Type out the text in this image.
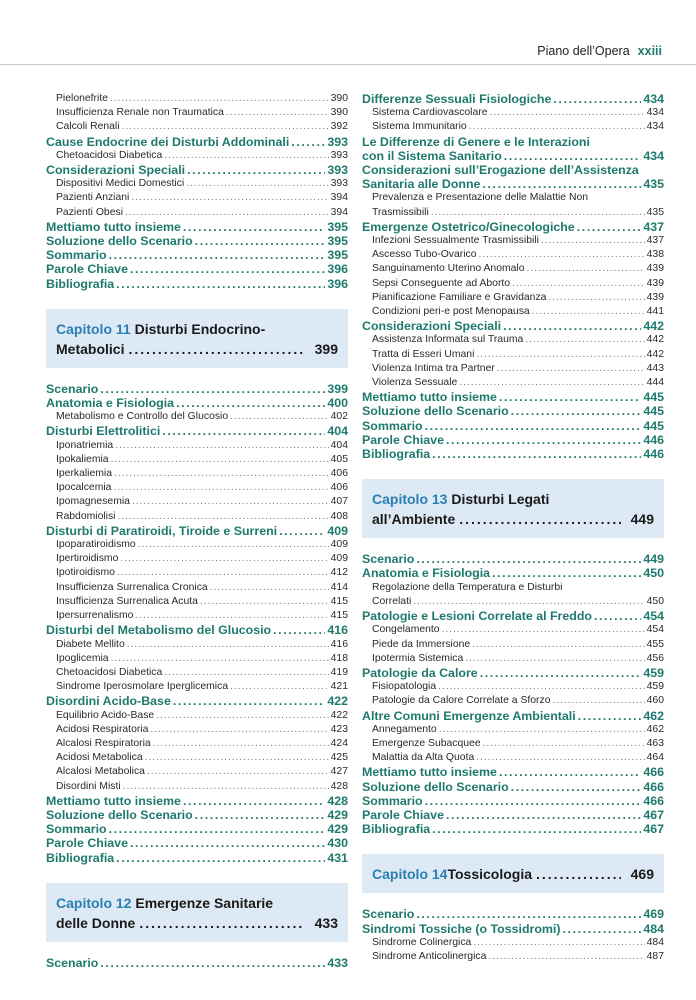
Piano dell’Opera xxiii
Pielonefrite .....	390
Insufficienza Renale non Traumatica .....	390
Calcoli Renali .....	392
Cause Endocrine dei Disturbi Addominali .....	393
Chetoacidosi Diabetica .....	393
Considerazioni Speciali .....	393
Dispositivi Medici Domestici .....	393
Pazienti Anziani .....	394
Pazienti Obesi .....	394
Mettiamo tutto insieme .....	395
Soluzione dello Scenario .....	395
Sommario .....	395
Parole Chiave .....	396
Bibliografia .....	396
Capitolo 11 Disturbi Endocrino-
Metabolici .....	399
Scenario .....	399
Anatomia e Fisiologia .....	400
Metabolismo e Controllo del Glucosio .....	402
Disturbi Elettrolitici .....	404
Iponatriemia .....	404
Ipokaliemia .....	405
Iperkaliemia .....	406
Ipocalcemia .....	406
Ipomagnesemia .....	407
Rabdomiolisi .....	408
Disturbi di Paratiroidi, Tiroide e Surreni .....	409
Ipoparatiroidismo .....	409
Ipertiroidismo .....	409
Ipotiroidismo .....	412
Insufficienza Surrenalica Cronica .....	414
Insufficienza Surrenalica Acuta .....	415
Ipersurrenalismo .....	415
Disturbi del Metabolismo del Glucosio .....	416
Diabete Mellito .....	416
Ipoglicemia .....	418
Chetoacidosi Diabetica .....	419
Sindrome Iperosmolare Iperglicemica .....	421
Disordini Acido-Base .....	422
Equilibrio Acido-Base .....	422
Acidosi Respiratoria .....	423
Alcalosi Respiratoria .....	424
Acidosi Metabolica .....	425
Alcalosi Metabolica .....	427
Disordini Misti .....	428
Mettiamo tutto insieme .....	428
Soluzione dello Scenario .....	429
Sommario .....	429
Parole Chiave .....	430
Bibliografia .....	431
Capitolo 12 Emergenze Sanitarie
delle Donne .....	433
Scenario .....	433
Differenze Sessuali Fisiologiche .....	434
Sistema Cardiovascolare .....	434
Sistema Immunitario .....	434
Le Differenze di Genere e le Interazioni
con il Sistema Sanitario .....	434
Considerazioni sull’Erogazione dell’Assistenza
Sanitaria alle Donne .....	435
Prevalenza e Presentazione delle Malattie Non
Trasmissibili .....	435
Emergenze Ostetrico/Ginecologiche .....	437
Infezioni Sessualmente Trasmissibili .....	437
Ascesso Tubo-Ovarico .....	438
Sanguinamento Uterino Anomalo .....	439
Sepsi Conseguente ad Aborto .....	439
Pianificazione Familiare e Gravidanza .....	439
Condizioni peri-e post Menopausa .....	441
Considerazioni Speciali .....	442
Assistenza Informata sul Trauma .....	442
Tratta di Esseri Umani .....	442
Violenza Intima tra Partner .....	443
Violenza Sessuale .....	444
Mettiamo tutto insieme .....	445
Soluzione dello Scenario .....	445
Sommario .....	445
Parole Chiave .....	446
Bibliografia .....	446
Capitolo 13 Disturbi Legati
all’Ambiente .....	449
Scenario .....	449
Anatomia e Fisiologia .....	450
Regolazione della Temperatura e Disturbi
Correlati .....	450
Patologie e Lesioni Correlate al Freddo .....	454
Congelamento .....	454
Piede da Immersione .....	455
Ipotermia Sistemica .....	456
Patologie da Calore .....	459
Fisiopatologia .....	459
Patologie da Calore Correlate a Sforzo .....	460
Altre Comuni Emergenze Ambientali .....	462
Annegamento .....	462
Emergenze Subacquee .....	463
Malattia da Alta Quota .....	464
Mettiamo tutto insieme .....	466
Soluzione dello Scenario .....	466
Sommario .....	466
Parole Chiave .....	467
Bibliografia .....	467
Capitolo 14 Tossicologia .....	469
Scenario .....	469
Sindromi Tossiche (o Tossidromi) .....	484
Sindrome Colinergica .....	484
Sindrome Anticolinergica .....	487
